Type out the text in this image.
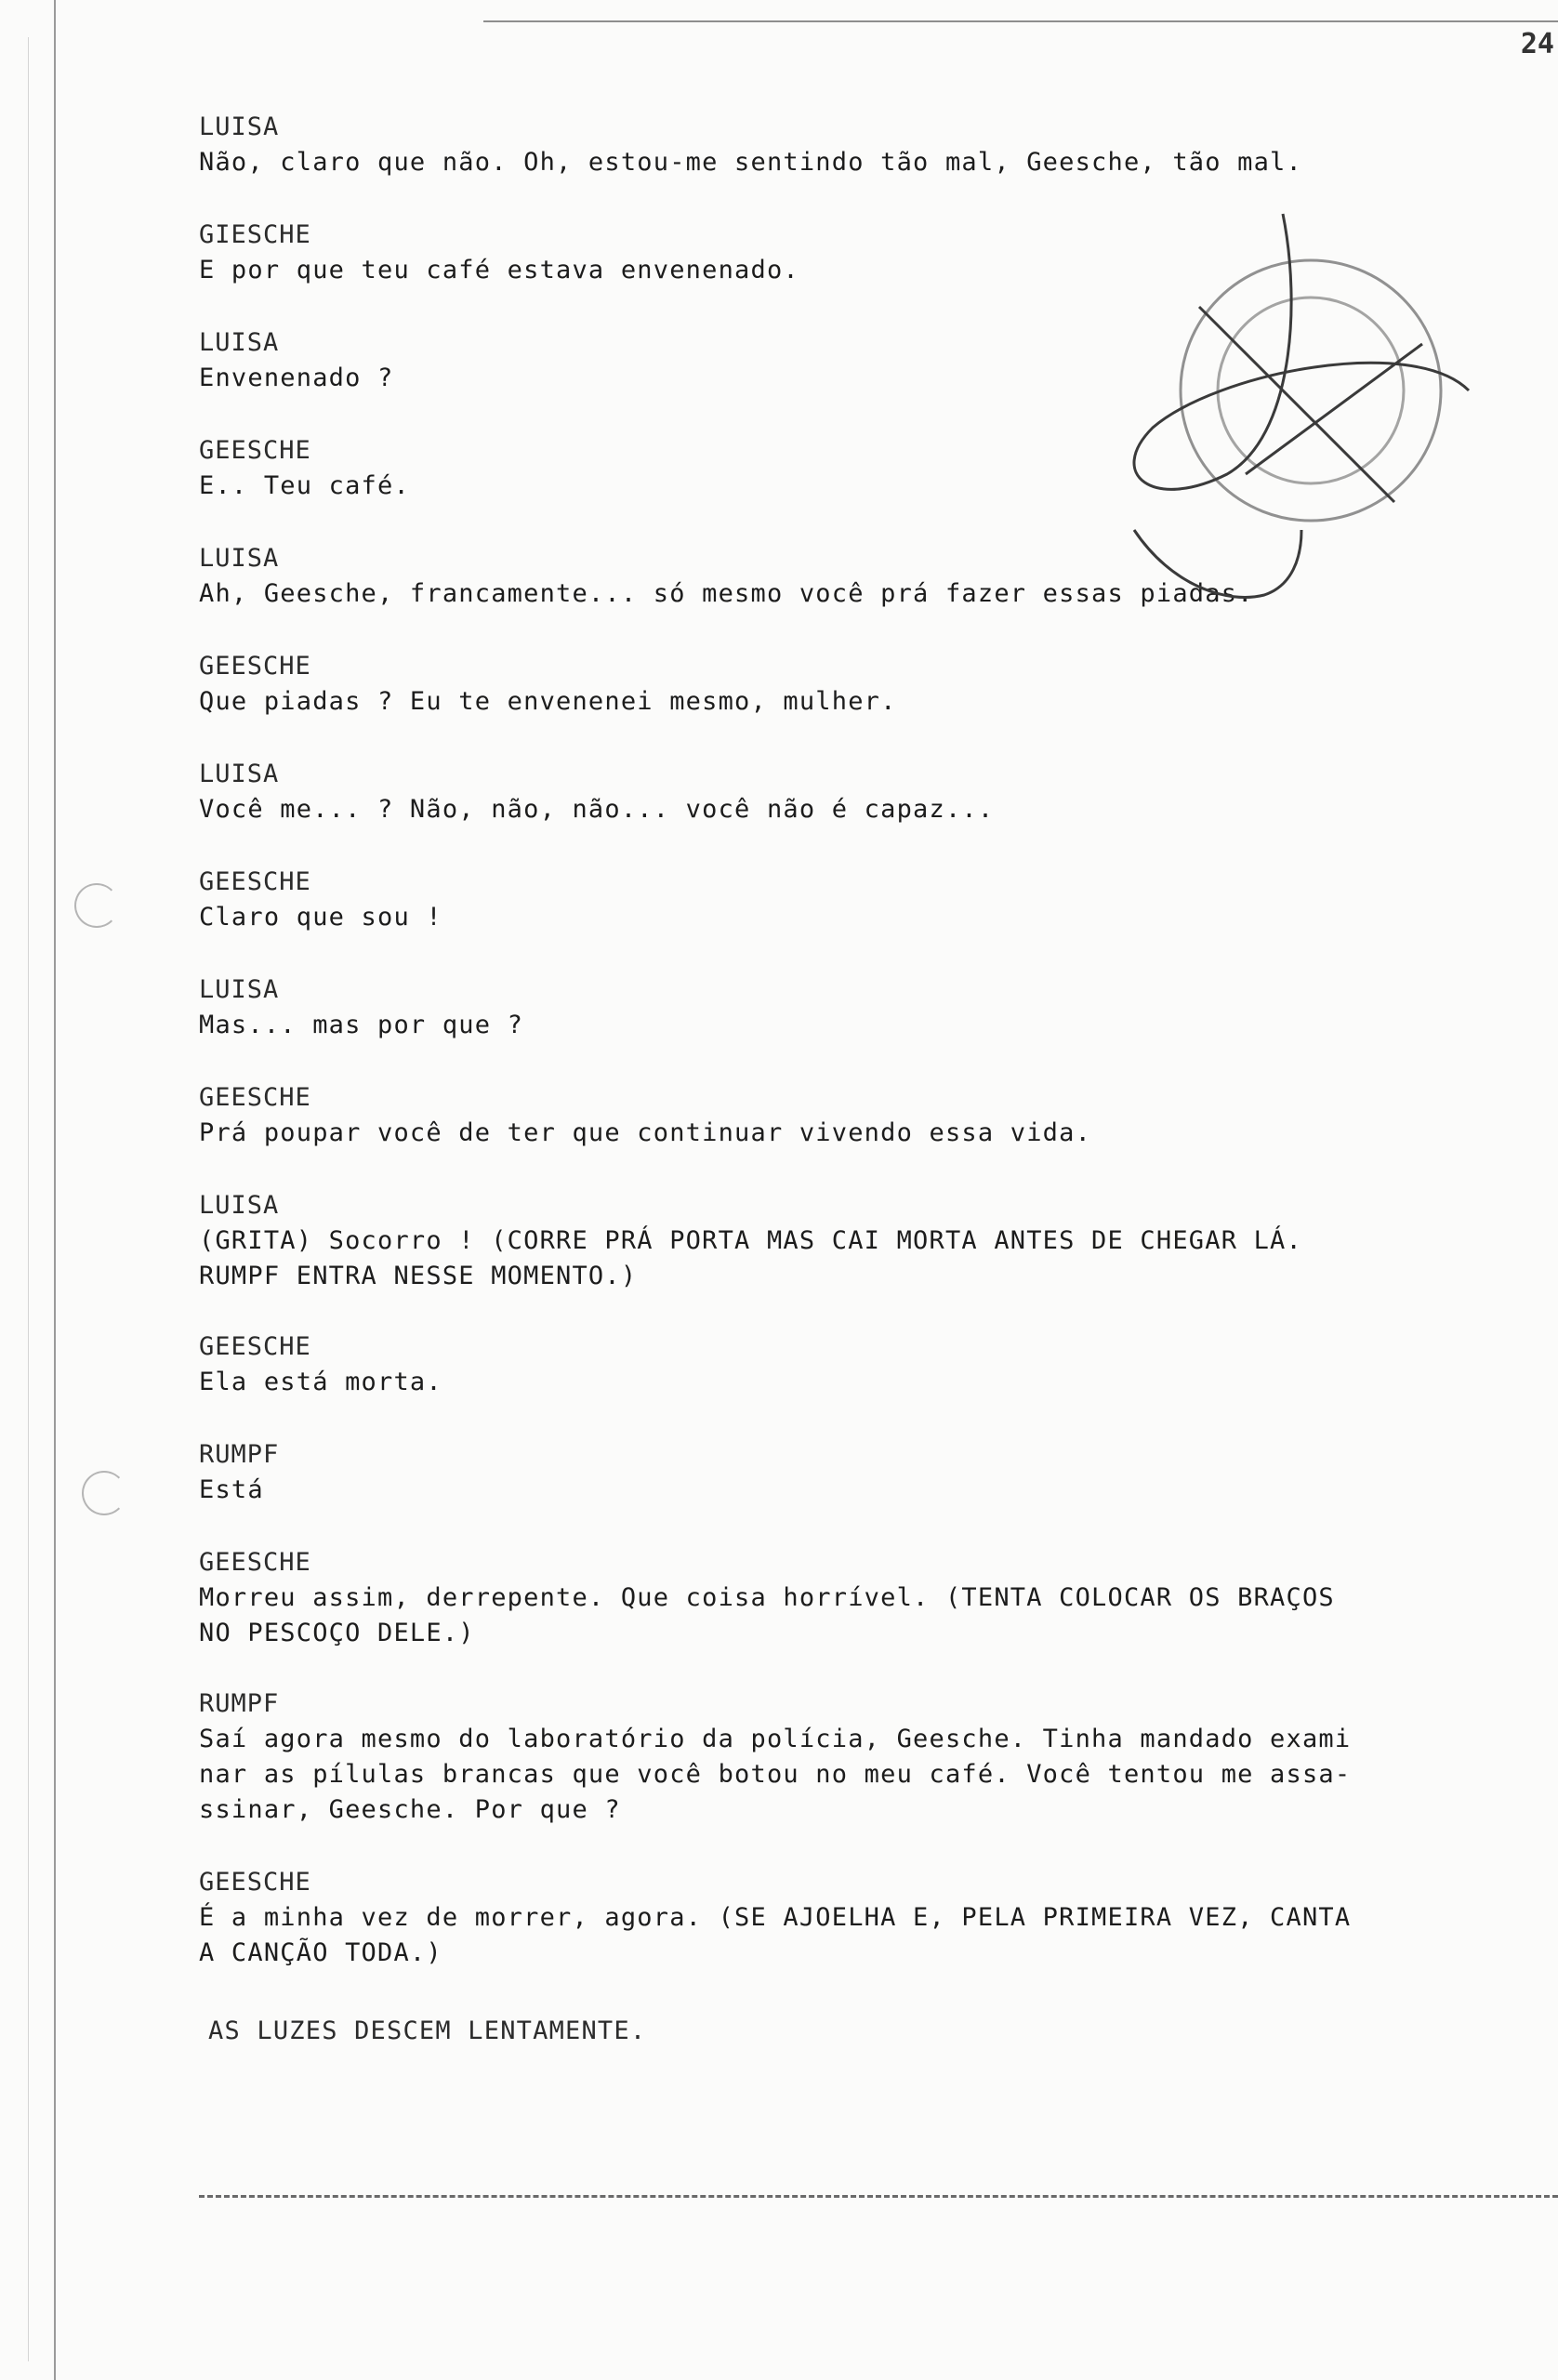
24
LUISA
Não, claro que não. Oh, estou-me sentindo tão mal, Geesche, tão mal.
GIESCHE
E por que teu café estava envenenado.
LUISA
Envenenado ?
GEESCHE
E.. Teu café.
LUISA
Ah, Geesche, francamente... só mesmo você prá fazer essas piadas.
GEESCHE
Que piadas ? Eu te envenenei mesmo, mulher.
LUISA
Você me... ? Não, não, não... você não é capaz...
GEESCHE
Claro que sou !
LUISA
Mas... mas por que ?
GEESCHE
Prá poupar você de ter que continuar vivendo essa vida.
LUISA
(GRITA) Socorro ! (CORRE PRÁ PORTA MAS CAI MORTA ANTES DE CHEGAR LÁ.
RUMPF ENTRA NESSE MOMENTO.)
GEESCHE
Ela está morta.
RUMPF
Está
GEESCHE
Morreu assim, derrepente. Que coisa horrível. (TENTA COLOCAR OS BRAÇOS
NO PESCOÇO DELE.)
RUMPF
Saí agora mesmo do laboratório da polícia, Geesche. Tinha mandado exami
nar as pílulas brancas que você botou no meu café. Você tentou me assa-
ssinar, Geesche. Por que ?
GEESCHE
É a minha vez de morrer, agora. (SE AJOELHA E, PELA PRIMEIRA VEZ, CANTA
A CANÇÃO TODA.)
AS LUZES DESCEM LENTAMENTE.
